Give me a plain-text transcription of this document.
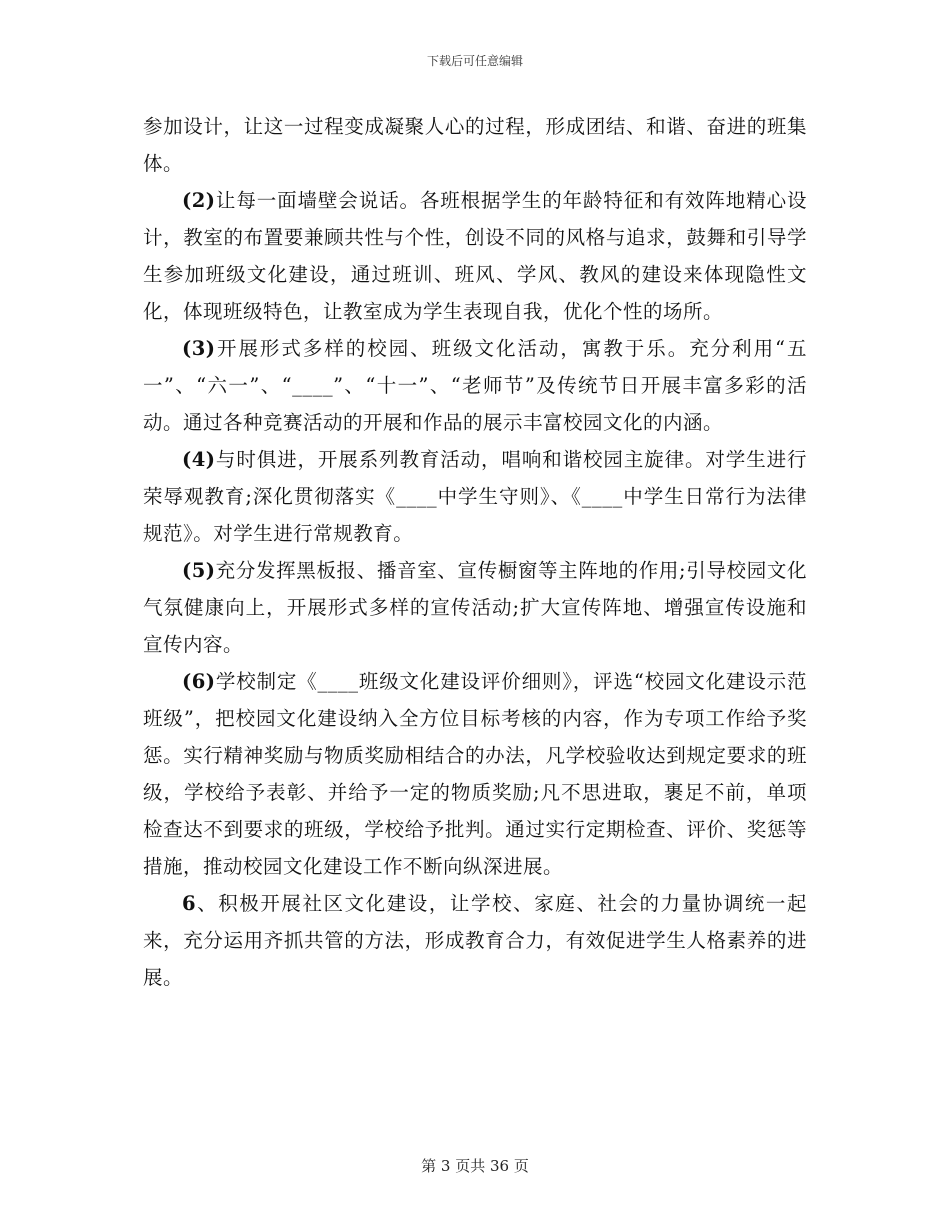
下载后可任意编辑

参加设计，让这一过程变成凝聚人心的过程，形成团结、和谐、奋进的班集体。

(2)让每一面墙壁会说话。各班根据学生的年龄特征和有效阵地精心设计，教室的布置要兼顾共性与个性，创设不同的风格与追求，鼓舞和引导学生参加班级文化建设，通过班训、班风、学风、教风的建设来体现隐性文化，体现班级特色，让教室成为学生表现自我，优化个性的场所。

(3)开展形式多样的校园、班级文化活动，寓教于乐。充分利用“五一”、“六一”、“____”、“十一”、“老师节”及传统节日开展丰富多彩的活动。通过各种竞赛活动的开展和作品的展示丰富校园文化的内涵。

(4)与时俱进，开展系列教育活动，唱响和谐校园主旋律。对学生进行荣辱观教育;深化贯彻落实《____中学生守则》、《____中学生日常行为法律规范》。对学生进行常规教育。

(5)充分发挥黑板报、播音室、宣传橱窗等主阵地的作用;引导校园文化气氛健康向上，开展形式多样的宣传活动;扩大宣传阵地、增强宣传设施和宣传内容。

(6)学校制定《____班级文化建设评价细则》，评选“校园文化建设示范班级”，把校园文化建设纳入全方位目标考核的内容，作为专项工作给予奖惩。实行精神奖励与物质奖励相结合的办法，凡学校验收达到规定要求的班级，学校给予表彰、并给予一定的物质奖励;凡不思进取，裹足不前，单项检查达不到要求的班级，学校给予批判。通过实行定期检查、评价、奖惩等措施，推动校园文化建设工作不断向纵深进展。

6、积极开展社区文化建设，让学校、家庭、社会的力量协调统一起来，充分运用齐抓共管的方法，形成教育合力，有效促进学生人格素养的进展。

第 3 页共 36 页
